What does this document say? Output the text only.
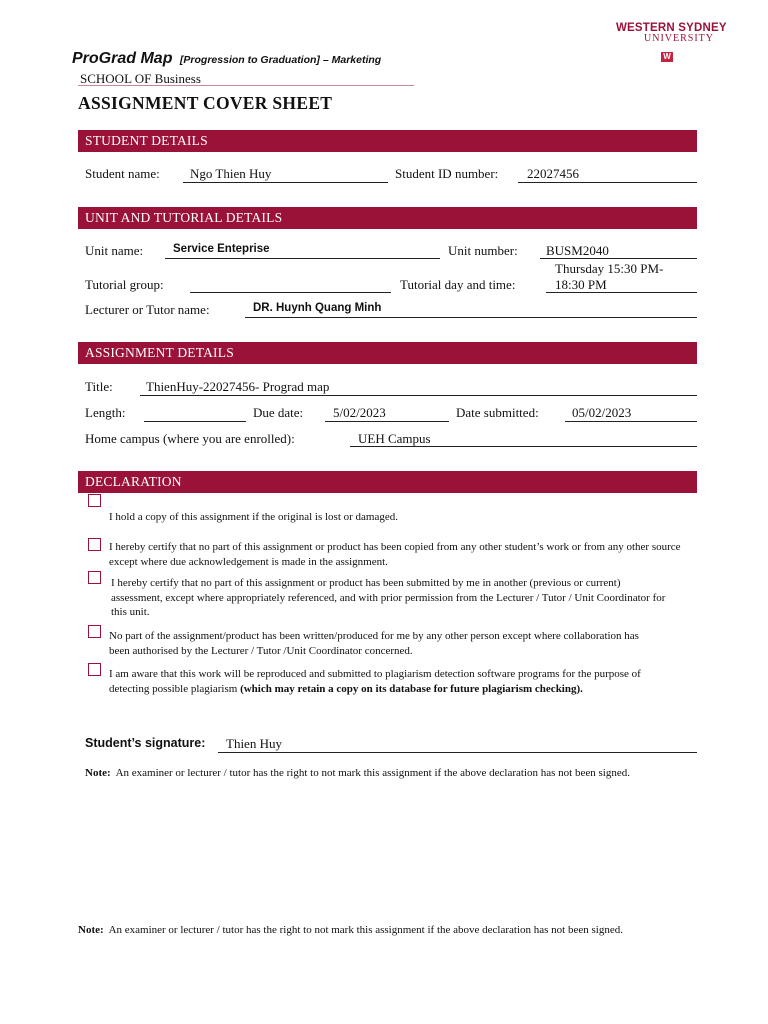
WESTERN SYDNEY
UNIVERSITY
W
ProGrad Map [Progression to Graduation] – Marketing
SCHOOL OF Business
ASSIGNMENT COVER SHEET
STUDENT DETAILS
Student name: Ngo Thien Huy	Student ID number: 22027456
UNIT AND TUTORIAL DETAILS
Unit name:	Service Enteprise	Unit number: BUSM2040
Tutorial group:	Tutorial day and time:
Thursday 15:30 PM-
18:30 PM
Lecturer or Tutor name:	DR. Huynh Quang Minh
ASSIGNMENT DETAILS
Title:	ThienHuy-22027456- Prograd map
Length:	Due date: 5/02/2023	Date submitted:	05/02/2023
Home campus (where you are enrolled):	UEH Campus
DECLARATION
I hold a copy of this assignment if the original is lost or damaged.
I hereby certify that no part of this assignment or product has been copied from any other student’s work or from any other source except where due acknowledgement is made in the assignment.
I hereby certify that no part of this assignment or product has been submitted by me in another (previous or current) assessment, except where appropriately referenced, and with prior permission from the Lecturer / Tutor / Unit Coordinator for this unit.
No part of the assignment/product has been written/produced for me by any other person except where collaboration has been authorised by the Lecturer / Tutor /Unit Coordinator concerned.
I am aware that this work will be reproduced and submitted to plagiarism detection software programs for the purpose of detecting possible plagiarism (which may retain a copy on its database for future plagiarism checking).
Student’s signature: Thien Huy
Note: An examiner or lecturer / tutor has the right to not mark this assignment if the above declaration has not been signed.
Note: An examiner or lecturer / tutor has the right to not mark this assignment if the above declaration has not been signed.
